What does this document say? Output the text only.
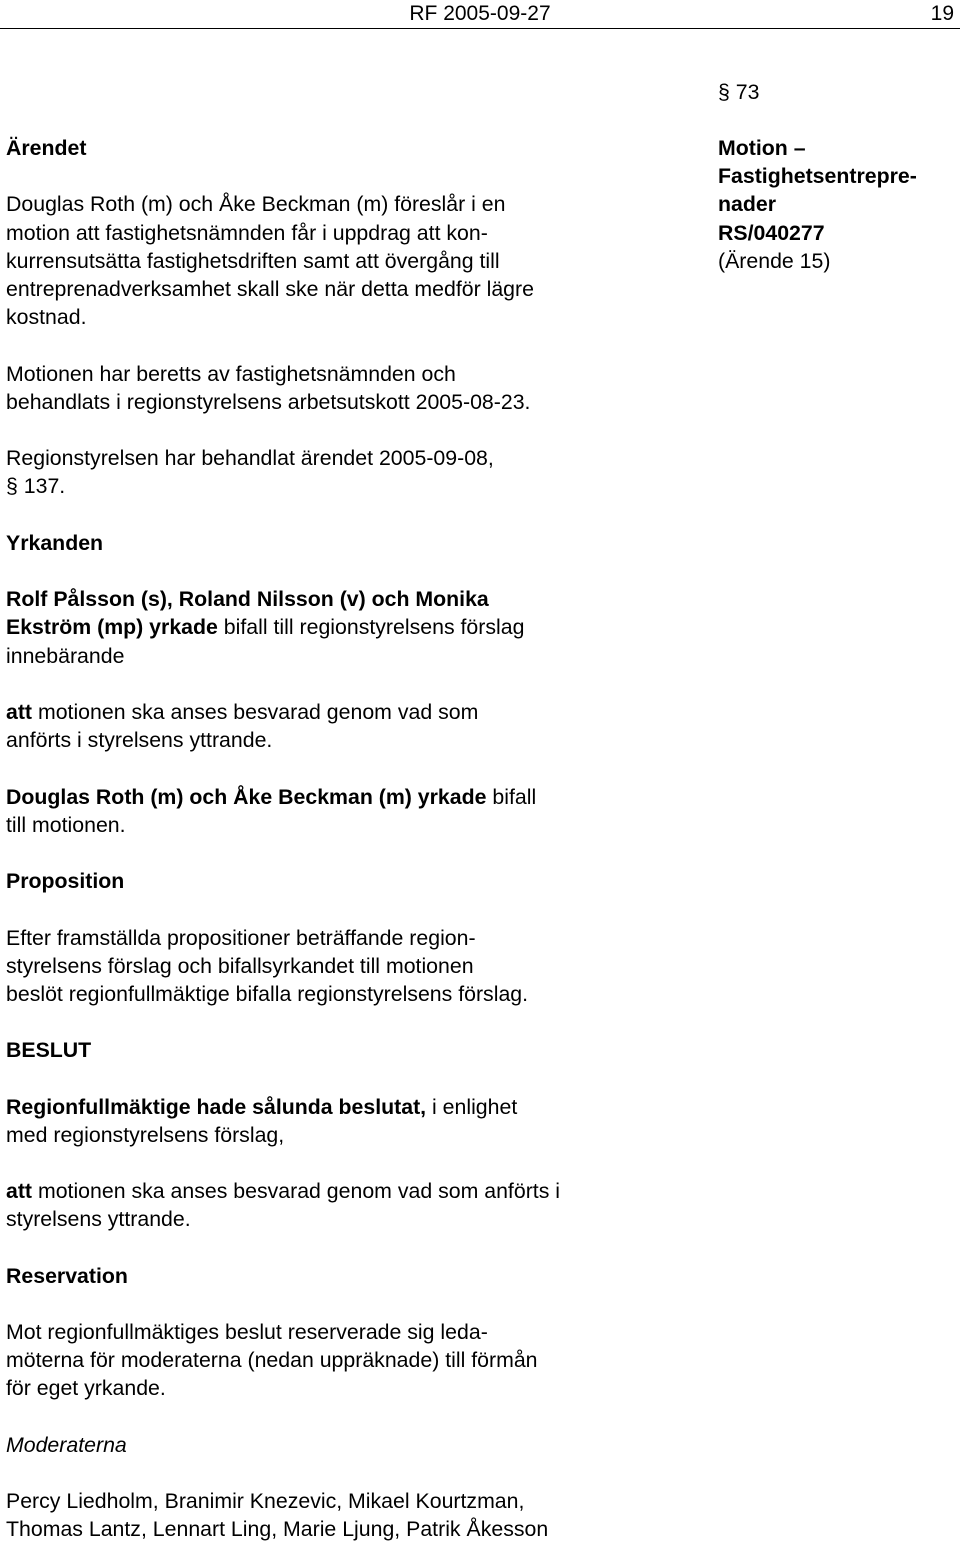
RF 2005-09-27	19
§ 73
Motion –
Fastighetsentrepre-
nader
RS/040277
(Ärende 15)
Ärendet
Douglas Roth (m) och Åke Beckman (m) föreslår i en
motion att fastighetsnämnden får i uppdrag att kon-
kurrensutsätta fastighetsdriften samt att övergång till
entreprenadverksamhet skall ske när detta medför lägre
kostnad.
Motionen har beretts av fastighetsnämnden och
behandlats i regionstyrelsens arbetsutskott 2005-08-23.
Regionstyrelsen har behandlat ärendet 2005-09-08,
§ 137.
Yrkanden
Rolf Pålsson (s), Roland Nilsson (v) och Monika
Ekström (mp) yrkade bifall till regionstyrelsens förslag
innebärande
att motionen ska anses besvarad genom vad som
anförts i styrelsens yttrande.
Douglas Roth (m) och Åke Beckman (m) yrkade bifall
till motionen.
Proposition
Efter framställda propositioner beträffande region-
styrelsens förslag och bifallsyrkandet till motionen
beslöt regionfullmäktige bifalla regionstyrelsens förslag.
BESLUT
Regionfullmäktige hade sålunda beslutat, i enlighet
med regionstyrelsens förslag,
att motionen ska anses besvarad genom vad som anförts i
styrelsens yttrande.
Reservation
Mot regionfullmäktiges beslut reserverade sig leda-
möterna för moderaterna (nedan uppräknade) till förmån
för eget yrkande.
Moderaterna
Percy Liedholm, Branimir Knezevic, Mikael Kourtzman,
Thomas Lantz, Lennart Ling, Marie Ljung, Patrik Åkesson
